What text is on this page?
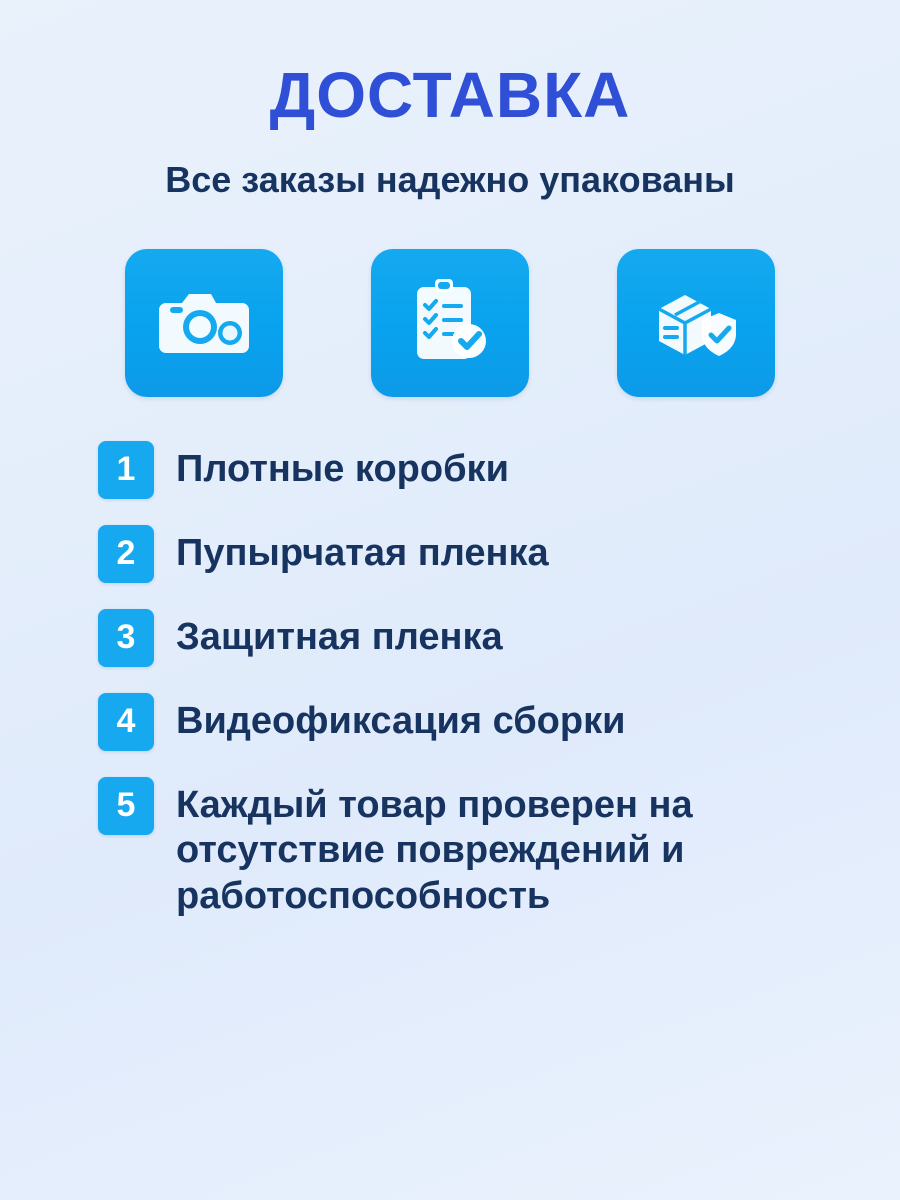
ДОСТАВКА
Все заказы надежно упакованы
1	Плотные коробки
2	Пупырчатая пленка
3	Защитная пленка
4	Видеофиксация сборки
5	Каждый товар проверен на отсутствие повреждений и работоспособность
